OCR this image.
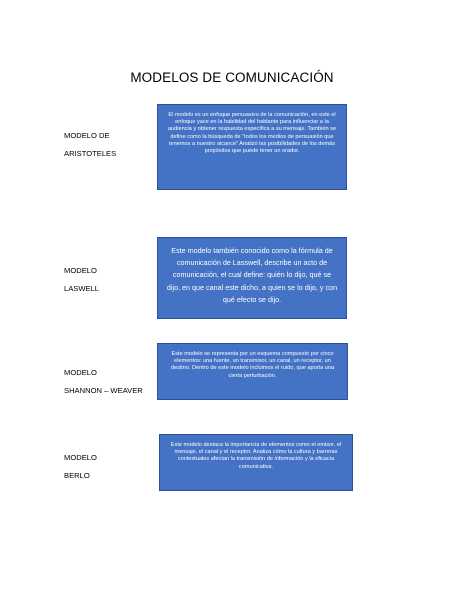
MODELOS DE COMUNICACIÓN
MODELO DE
ARISTOTELES
El modelo es un enfoque persuasivo de la comunicación, en este el enfoque yace en la habilidad del hablante para influenciar a la audiencia y obtener respuesta específica a su mensaje. También se define como la búsqueda de “todos los medios de persuasión que tenemos a nuestro alcance” Analizó las posibilidades de los demás propósitos que puede tener un orador.
MODELO
LASWELL
Este modelo también conocido como la fórmula de comunicación de Lasswell, describe un acto de comunicación, el cual define: quién lo dijo, qué se dijo, en que canal este dicho, a quien se lo dijo, y con qué efecto se dijo.
MODELO
SHANNON – WEAVER
Este modelo se representa por un esquema compuesto por cinco elementos: una fuente, un transmisor, un canal, un receptor, un destino. Dentro de este modelo incluimos el ruido, que aporta una cierta perturbación.
MODELO
BERLO
Este modelo destaca la importancia de elementos como el emisor, el mensaje, el canal y el receptor. Analiza cómo la cultura y barreras contextuales afectan la transmisión de información y la eficacia comunicativa.
